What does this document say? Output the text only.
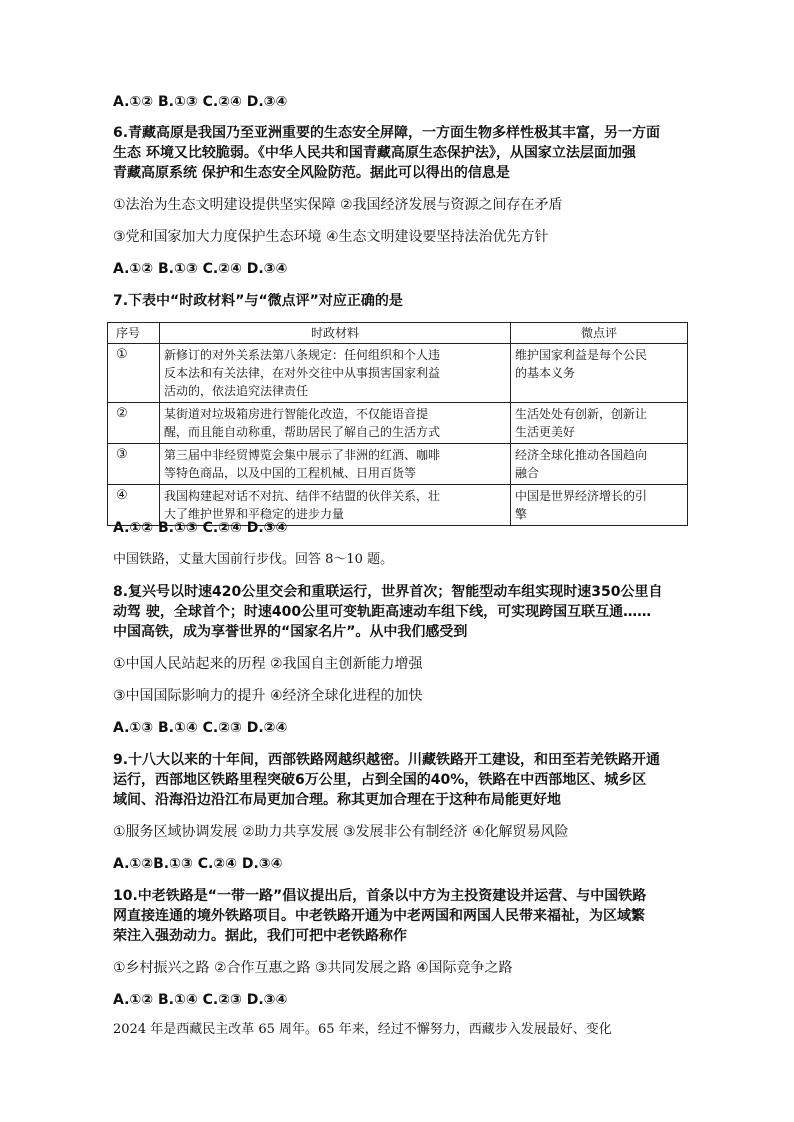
A.①② B.①③ C.②④ D.③④
6.青藏高原是我国乃至亚洲重要的生态安全屏障，一方面生物多样性极其丰富，另一方面
生态 环境又比较脆弱。《中华人民共和国青藏高原生态保护法》，从国家立法层面加强
青藏高原系统 保护和生态安全风险防范。据此可以得出的信息是
①法治为生态文明建设提供坚实保障 ②我国经济发展与资源之间存在矛盾
③党和国家加大力度保护生态环境 ④生态文明建设要坚持法治优先方针
A.①② B.①③ C.②④ D.③④
7.下表中“时政材料”与“微点评”对应正确的是
序号	时政材料	微点评
①	新修订的对外关系法第八条规定：任何组织和个人违
反本法和有关法律，在对外交往中从事损害国家利益
活动的，依法追究法律责任	维护国家利益是每个公民
的基本义务

②	某街道对垃圾箱房进行智能化改造，不仅能语音提
醒，而且能自动称重，帮助居民了解自己的生活方式	生活处处有创新，创新让
生活更美好

③	第三届中非经贸博览会集中展示了非洲的红酒、咖啡
等特色商品，以及中国的工程机械、日用百货等	经济全球化推动各国趋向
融合

④	我国构建起对话不对抗、结伴不结盟的伙伴关系，壮
大了维护世界和平稳定的进步力量	中国是世界经济增长的引
擎
A.①② B.①③ C.②④ D.③④
中国铁路，丈量大国前行步伐。回答 8～10 题。
8.复兴号以时速420公里交会和重联运行，世界首次；智能型动车组实现时速350公里自
动驾 驶，全球首个；时速400公里可变轨距高速动车组下线，可实现跨国互联互通……
中国高铁，成为享誉世界的“国家名片”。从中我们感受到
①中国人民站起来的历程 ②我国自主创新能力增强
③中国国际影响力的提升 ④经济全球化进程的加快
A.①③ B.①④ C.②③ D.②④
9.十八大以来的十年间，西部铁路网越织越密。川藏铁路开工建设，和田至若羌铁路开通
运行，西部地区铁路里程突破6万公里，占到全国的40%，铁路在中西部地区、城乡区
域间、沿海沿边沿江布局更加合理。称其更加合理在于这种布局能更好地
①服务区域协调发展 ②助力共享发展 ③发展非公有制经济 ④化解贸易风险
A.①②B.①③ C.②④ D.③④
10.中老铁路是“一带一路”倡议提出后，首条以中方为主投资建设并运营、与中国铁路
网直接连通的境外铁路项目。中老铁路开通为中老两国和两国人民带来福祉，为区域繁
荣注入强劲动力。据此，我们可把中老铁路称作
①乡村振兴之路 ②合作互惠之路 ③共同发展之路 ④国际竞争之路
A.①② B.①④ C.②③ D.③④
2024 年是西藏民主改革 65 周年。65 年来，经过不懈努力，西藏步入发展最好、变化
